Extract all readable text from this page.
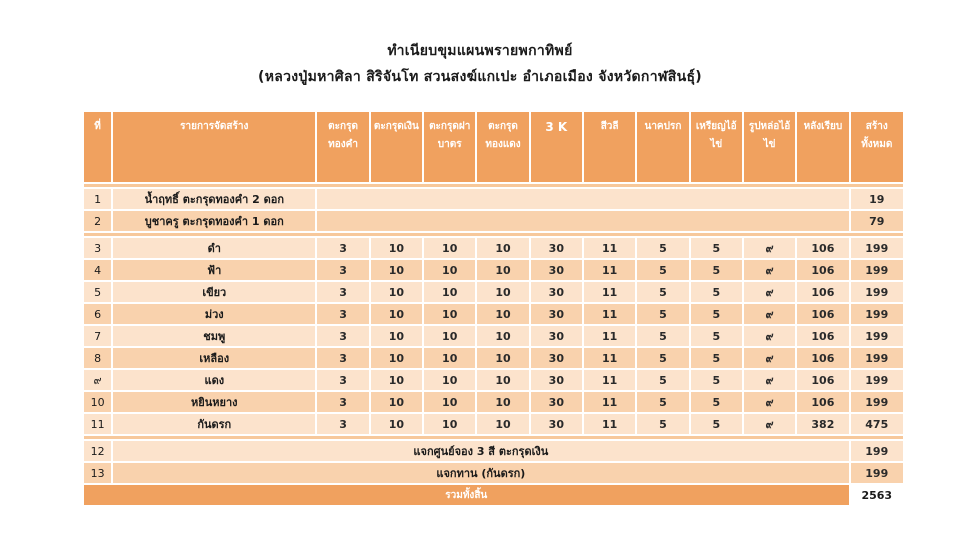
ทำเนียบขุมแผนพรายพกาทิพย์
(หลวงปู่มหาศิลา สิริจันโท สวนสงฆ์แกเปะ อำเภอเมือง จังหวัดกาฬสินธุ์)
ที่	รายการจัดสร้าง	ตะกรุดทองคำ	ตะกรุดเงิน	ตะกรุดฝาบาตร	ตะกรุดทองแดง	3 K	สีวลี	นาคปรก	เหรียญไอ้ไข่	รูปหล่อไอ้ไข่	หลังเรียบ	สร้างทั้งหมด

1	น้ำฤทธิ์ ตะกรุดทองคำ 2 ดอก											19
2	บูชาครู ตะกรุดทองคำ 1 ดอก											79

3	ดำ	3	10	10	10	30	11	5	5	๙	106	199
4	ฟ้า	3	10	10	10	30	11	5	5	๙	106	199
5	เขียว	3	10	10	10	30	11	5	5	๙	106	199
6	ม่วง	3	10	10	10	30	11	5	5	๙	106	199
7	ชมพู	3	10	10	10	30	11	5	5	๙	106	199
8	เหลือง	3	10	10	10	30	11	5	5	๙	106	199
๙	แดง	3	10	10	10	30	11	5	5	๙	106	199
10	หยินหยาง	3	10	10	10	30	11	5	5	๙	106	199
11	กันดรก	3	10	10	10	30	11	5	5	๙	382	475

12	แจกศูนย์จอง 3 สี ตะกรุดเงิน											199
13	แจกทาน (กันดรก)											199
รวมทั้งสิ้น												2563
